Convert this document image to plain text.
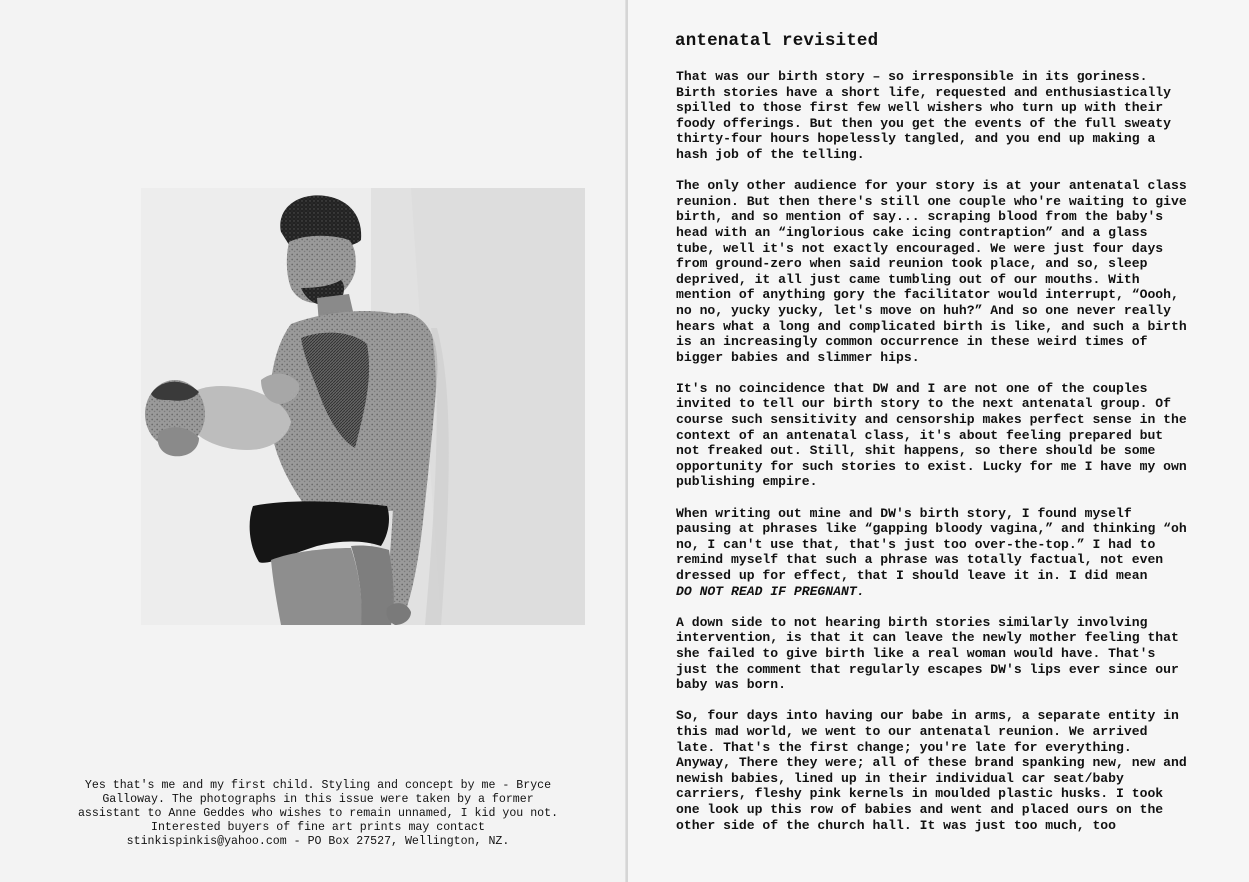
Yes that's me and my first child. Styling and concept by me - Bryce
Galloway. The photographs in this issue were taken by a former
assistant to Anne Geddes who wishes to remain unnamed, I kid you not.
Interested buyers of fine art prints may contact
stinkispinkis@yahoo.com - PO Box 27527, Wellington, NZ.
antenatal revisited
That was our birth story – so irresponsible in its goriness.
Birth stories have a short life, requested and enthusiastically
spilled to those first few well wishers who turn up with their
foody offerings. But then you get the events of the full sweaty
thirty-four hours hopelessly tangled, and you end up making a
hash job of the telling.
The only other audience for your story is at your antenatal class
reunion. But then there's still one couple who're waiting to give
birth, and so mention of say... scraping blood from the baby's
head with an “inglorious cake icing contraption” and a glass
tube, well it's not exactly encouraged. We were just four days
from ground-zero when said reunion took place, and so, sleep
deprived, it all just came tumbling out of our mouths. With
mention of anything gory the facilitator would interrupt, “Oooh,
no no, yucky yucky, let's move on huh?” And so one never really
hears what a long and complicated birth is like, and such a birth
is an increasingly common occurrence in these weird times of
bigger babies and slimmer hips.
It's no coincidence that DW and I are not one of the couples
invited to tell our birth story to the next antenatal group. Of
course such sensitivity and censorship makes perfect sense in the
context of an antenatal class, it's about feeling prepared but
not freaked out. Still, shit happens, so there should be some
opportunity for such stories to exist. Lucky for me I have my own
publishing empire.
When writing out mine and DW's birth story, I found myself
pausing at phrases like “gapping bloody vagina,” and thinking “oh
no, I can't use that, that's just too over-the-top.” I had to
remind myself that such a phrase was totally factual, not even
dressed up for effect, that I should leave it in. I did mean
DO NOT READ IF PREGNANT.
A down side to not hearing birth stories similarly involving
intervention, is that it can leave the newly mother feeling that
she failed to give birth like a real woman would have. That's
just the comment that regularly escapes DW's lips ever since our
baby was born.
So, four days into having our babe in arms, a separate entity in
this mad world, we went to our antenatal reunion. We arrived
late. That's the first change; you're late for everything.
Anyway, There they were; all of these brand spanking new, new and
newish babies, lined up in their individual car seat/baby
carriers, fleshy pink kernels in moulded plastic husks. I took
one look up this row of babies and went and placed ours on the
other side of the church hall. It was just too much, too
